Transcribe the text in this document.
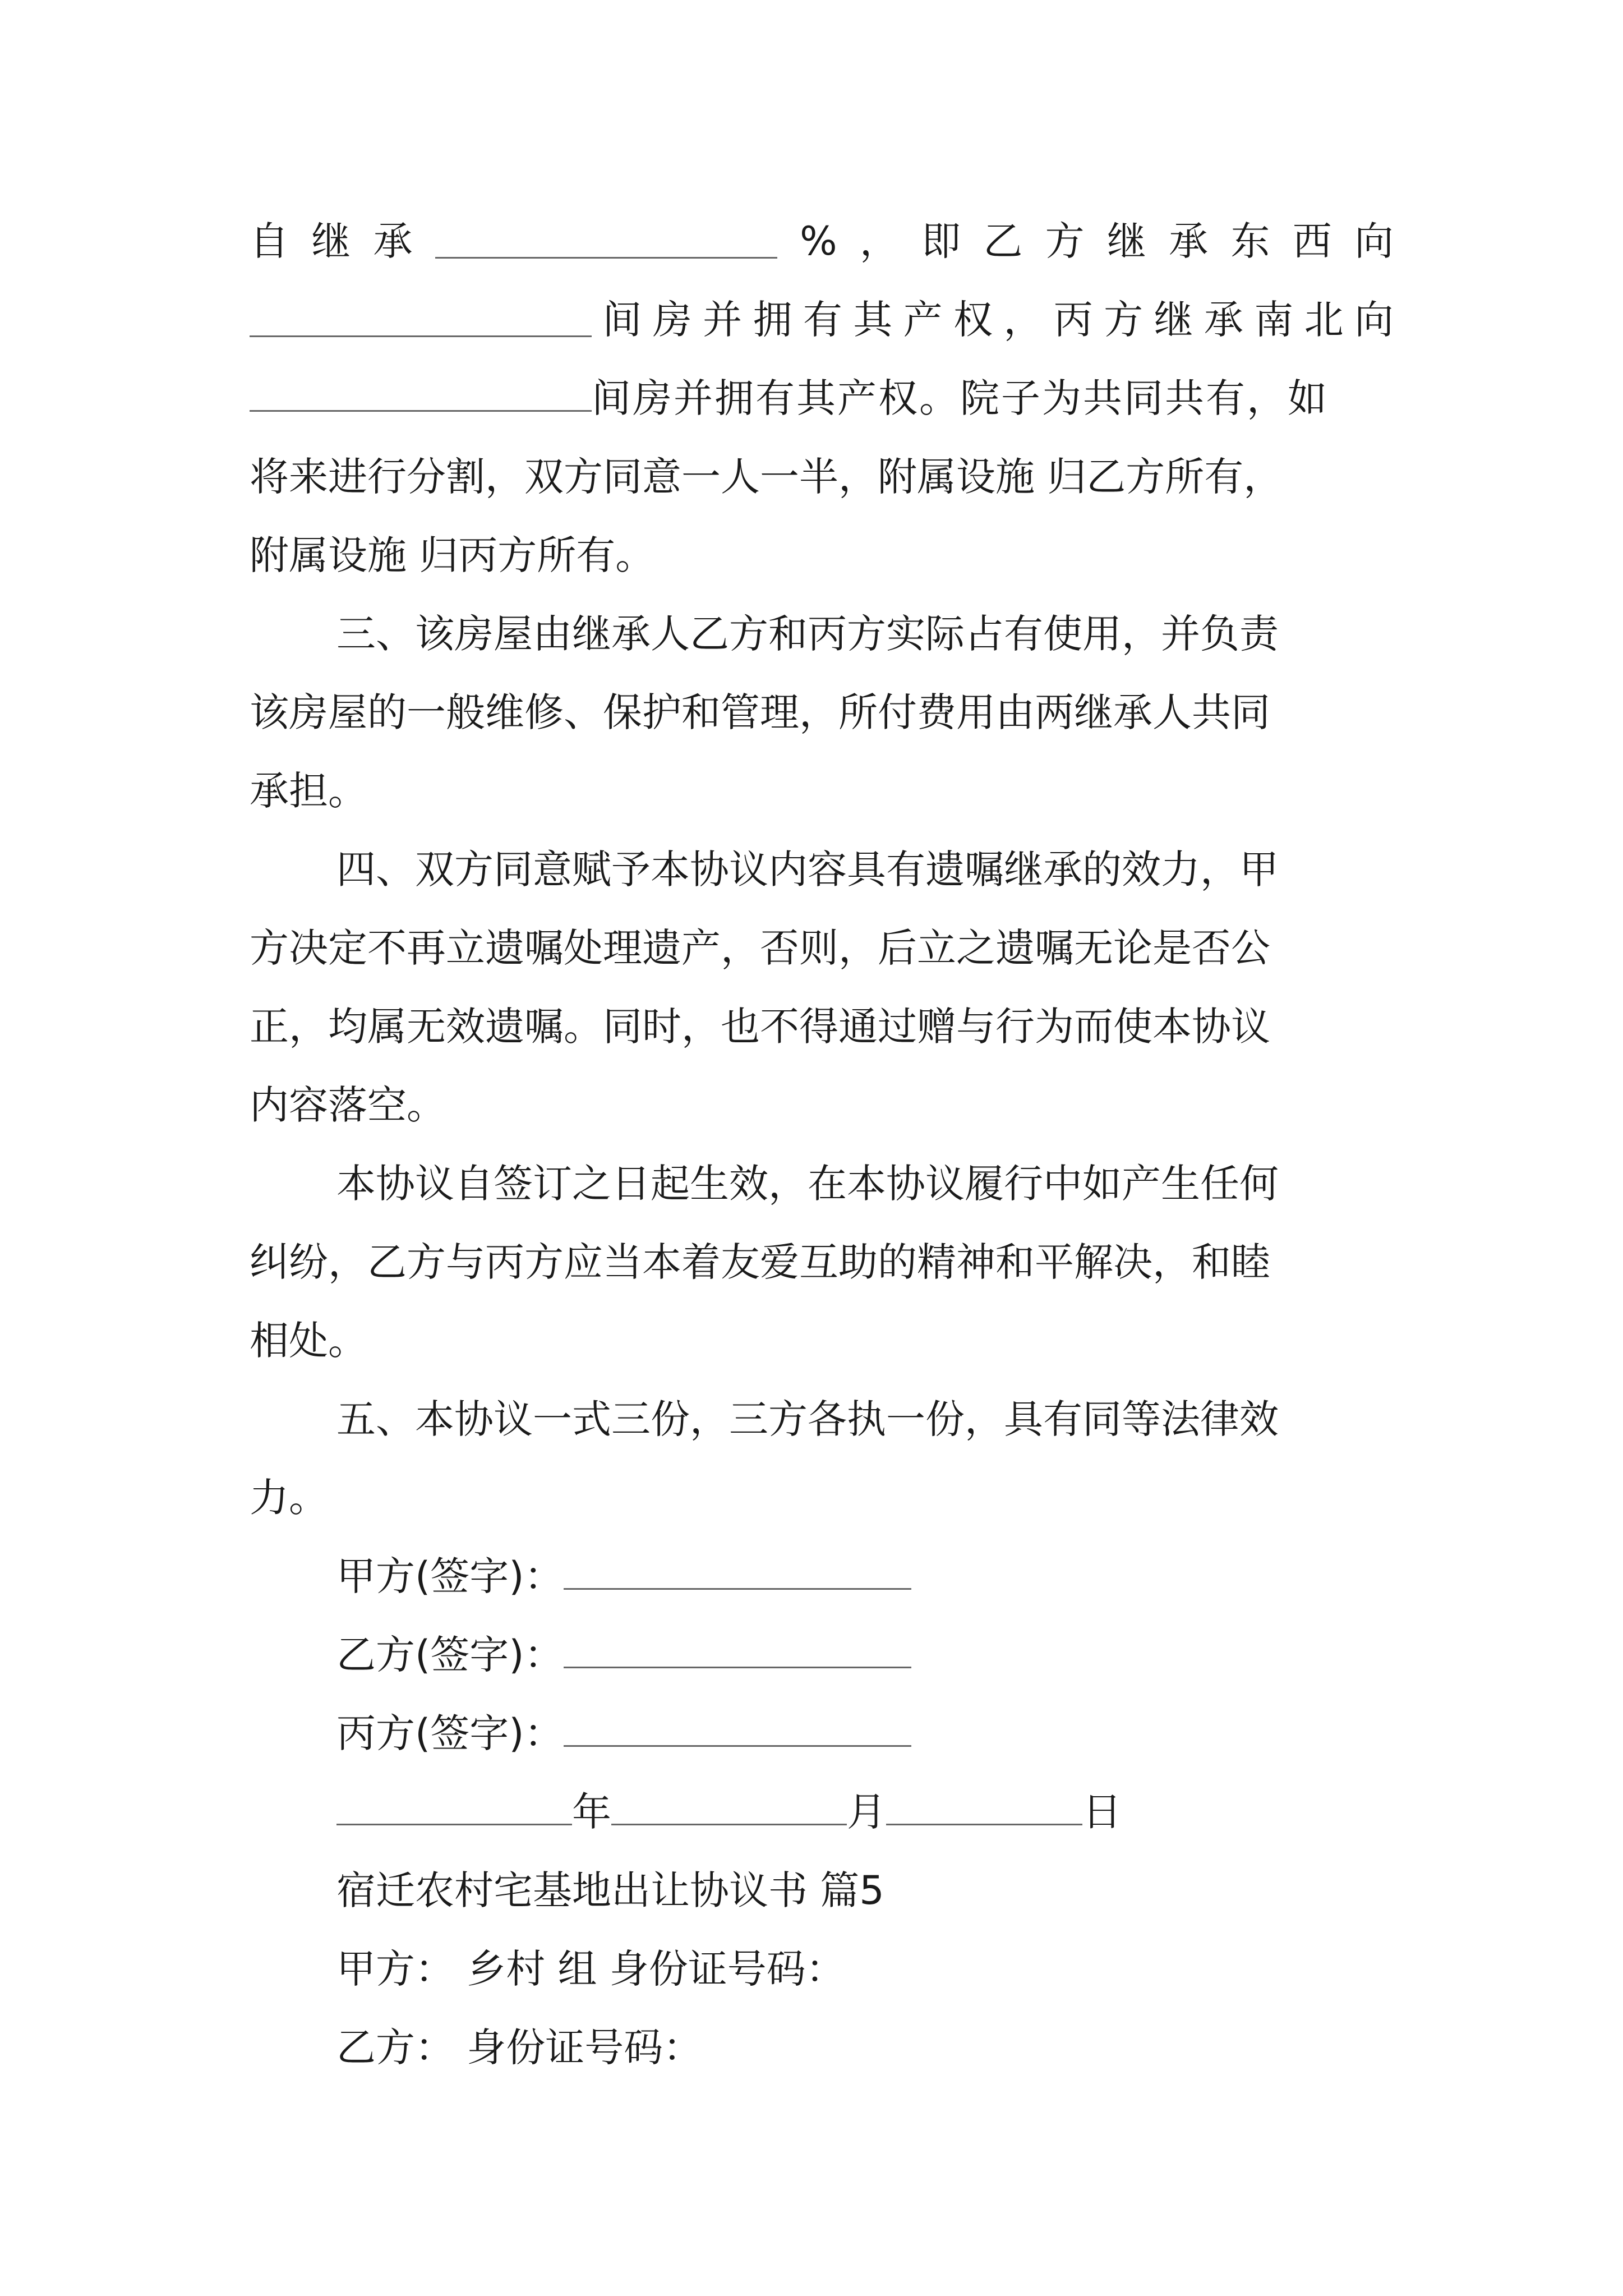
自 继 承	% ， 即 乙 方 继 承 东 西 向
间 房 并 拥 有 其 产 权 ， 丙 方 继 承 南 北 向
间房并拥有其产权。院子为共同共有，如
将来进行分割，双方同意一人一半，附属设施 归乙方所有，
附属设施 归丙方所有。
三、该房屋由继承人乙方和丙方实际占有使用，并负责
该房屋的一般维修、保护和管理，所付费用由两继承人共同
承担。
四、双方同意赋予本协议内容具有遗嘱继承的效力，甲
方决定不再立遗嘱处理遗产，否则，后立之遗嘱无论是否公
正，均属无效遗嘱。同时，也不得通过赠与行为而使本协议
内容落空。
本协议自签订之日起生效，在本协议履行中如产生任何
纠纷，乙方与丙方应当本着友爱互助的精神和平解决，和睦
相处。
五、本协议一式三份，三方各执一份，具有同等法律效
力。
甲方(签字)：
乙方(签字)：
丙方(签字)：
年	月	日
宿迁农村宅基地出让协议书 篇5
甲方： 乡村 组 身份证号码：
乙方： 身份证号码：
